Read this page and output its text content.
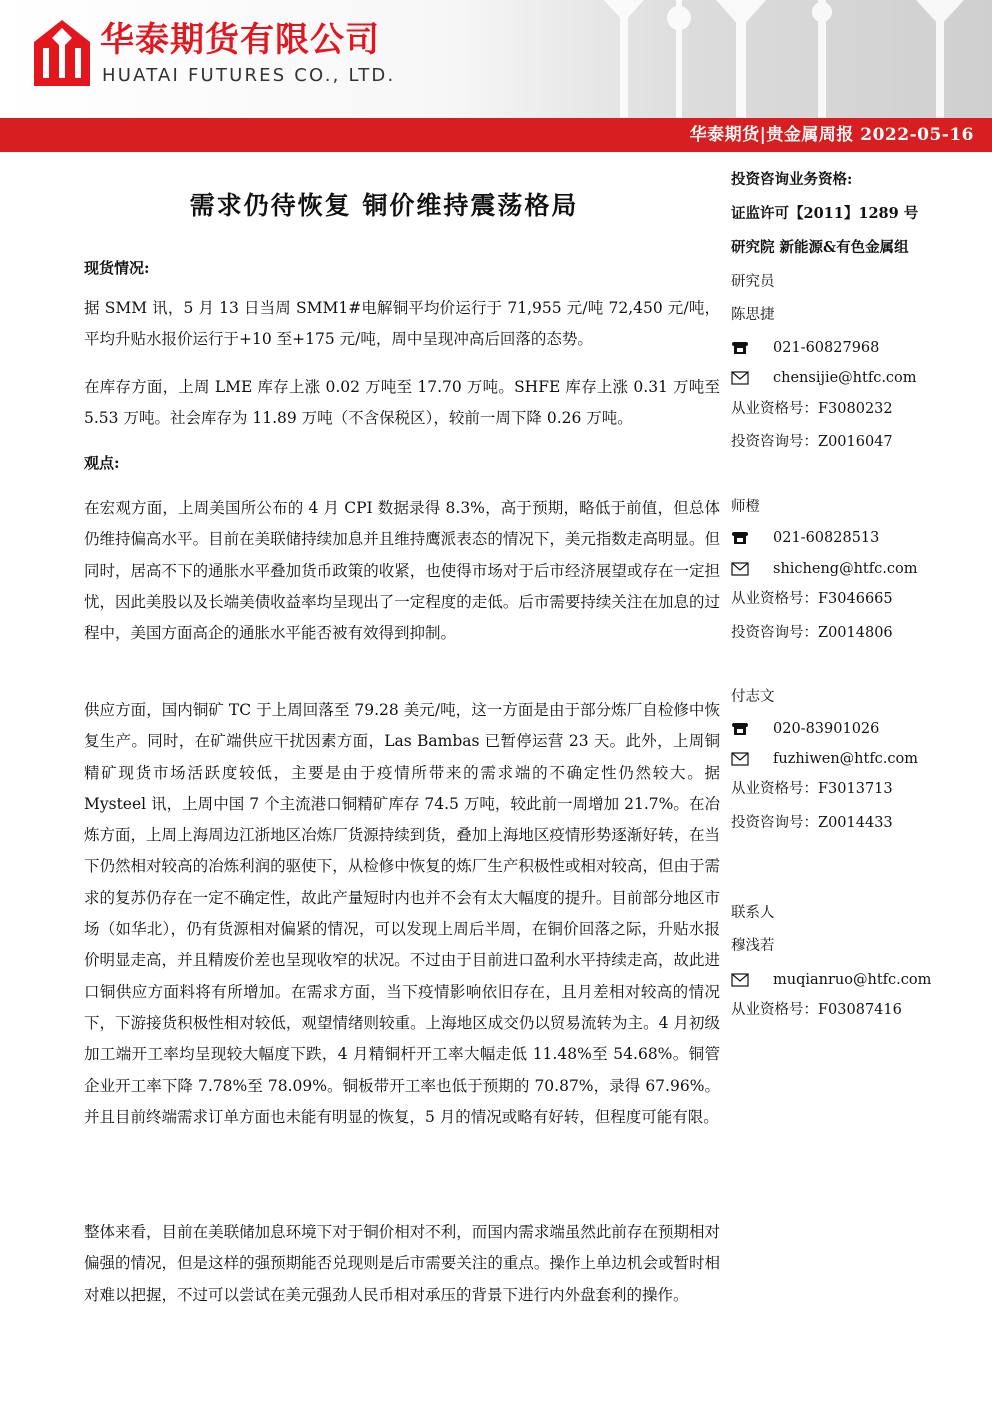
华泰期货有限公司
HUATAI FUTURES CO., LTD.
华泰期货|贵金属周报 2022-05-16
需求仍待恢复 铜价维持震荡格局
现货情况:
据 SMM 讯，5 月 13 日当周 SMM1#电解铜平均价运行于 71,955 元/吨 72,450 元/吨，平均升贴水报价运行于+10 至+175 元/吨，周中呈现冲高后回落的态势。
在库存方面，上周 LME 库存上涨 0.02 万吨至 17.70 万吨。SHFE 库存上涨 0.31 万吨至 5.53 万吨。社会库存为 11.89 万吨（不含保税区），较前一周下降 0.26 万吨。
观点:
在宏观方面，上周美国所公布的 4 月 CPI 数据录得 8.3%，高于预期，略低于前值，但总体仍维持偏高水平。目前在美联储持续加息并且维持鹰派表态的情况下，美元指数走高明显。但同时，居高不下的通胀水平叠加货币政策的收紧，也使得市场对于后市经济展望或存在一定担忧，因此美股以及长端美债收益率均呈现出了一定程度的走低。后市需要持续关注在加息的过程中，美国方面高企的通胀水平能否被有效得到抑制。
供应方面，国内铜矿 TC 于上周回落至 79.28 美元/吨，这一方面是由于部分炼厂自检修中恢复生产。同时，在矿端供应干扰因素方面，Las Bambas 已暂停运营 23 天。此外，上周铜精矿现货市场活跃度较低，主要是由于疫情所带来的需求端的不确定性仍然较大。据 Mysteel 讯，上周中国 7 个主流港口铜精矿库存 74.5 万吨，较此前一周增加 21.7%。在冶炼方面，上周上海周边江浙地区冶炼厂货源持续到货，叠加上海地区疫情形势逐渐好转，在当下仍然相对较高的冶炼利润的驱使下，从检修中恢复的炼厂生产积极性或相对较高，但由于需求的复苏仍存在一定不确定性，故此产量短时内也并不会有太大幅度的提升。目前部分地区市场（如华北），仍有货源相对偏紧的情况，可以发现上周后半周，在铜价回落之际，升贴水报价明显走高，并且精废价差也呈现收窄的状况。不过由于目前进口盈利水平持续走高，故此进口铜供应方面料将有所增加。在需求方面，当下疫情影响依旧存在，且月差相对较高的情况下，下游接货积极性相对较低，观望情绪则较重。上海地区成交仍以贸易流转为主。4 月初级加工端开工率均呈现较大幅度下跌，4 月精铜杆开工率大幅走低 11.48%至 54.68%。铜管企业开工率下降 7.78%至 78.09%。铜板带开工率也低于预期的 70.87%，录得 67.96%。并且目前终端需求订单方面也未能有明显的恢复，5 月的情况或略有好转，但程度可能有限。
整体来看，目前在美联储加息环境下对于铜价相对不利，而国内需求端虽然此前存在预期相对偏强的情况，但是这样的强预期能否兑现则是后市需要关注的重点。操作上单边机会或暂时相对难以把握，不过可以尝试在美元强劲人民币相对承压的背景下进行内外盘套利的操作。
投资咨询业务资格:
证监许可【2011】1289 号
研究院 新能源&有色金属组
研究员
陈思捷
021-60827968
chensijie@htfc.com
从业资格号：F3080232
投资咨询号：Z0016047
师橙
021-60828513
shicheng@htfc.com
从业资格号：F3046665
投资咨询号：Z0014806
付志文
020-83901026
fuzhiwen@htfc.com
从业资格号：F3013713
投资咨询号：Z0014433
联系人
穆浅若
muqianruo@htfc.com
从业资格号：F03087416
